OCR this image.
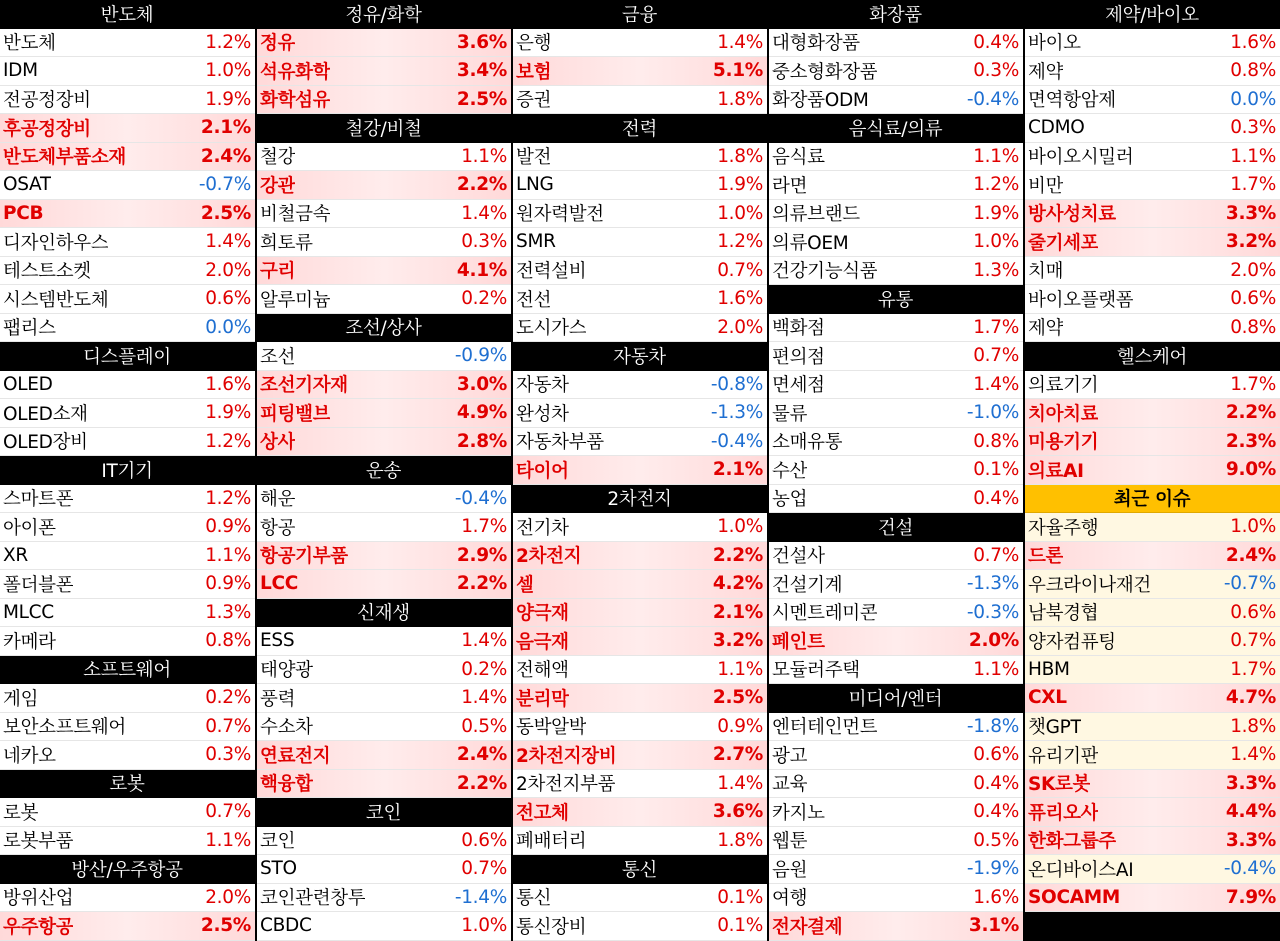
반도체
반도체	1.2%
IDM	1.0%
전공정장비	1.9%
후공정장비	2.1%
반도체부품소재	2.4%
OSAT	-0.7%
PCB	2.5%
디자인하우스	1.4%
테스트소켓	2.0%
시스템반도체	0.6%
팹리스	0.0%
디스플레이
OLED	1.6%
OLED소재	1.9%
OLED장비	1.2%
IT기기
스마트폰	1.2%
아이폰	0.9%
XR	1.1%
폴더블폰	0.9%
MLCC	1.3%
카메라	0.8%
소프트웨어
게임	0.2%
보안소프트웨어	0.7%
네카오	0.3%
로봇
로봇	0.7%
로봇부품	1.1%
방산/우주항공
방위산업	2.0%
우주항공	2.5%
정유/화학
정유	3.6%
석유화학	3.4%
화학섬유	2.5%
철강/비철
철강	1.1%
강관	2.2%
비철금속	1.4%
희토류	0.3%
구리	4.1%
알루미늄	0.2%
조선/상사
조선	-0.9%
조선기자재	3.0%
피팅밸브	4.9%
상사	2.8%
운송
해운	-0.4%
항공	1.7%
항공기부품	2.9%
LCC	2.2%
신재생
ESS	1.4%
태양광	0.2%
풍력	1.4%
수소차	0.5%
연료전지	2.4%
핵융합	2.2%
코인
코인	0.6%
STO	0.7%
코인관련창투	-1.4%
CBDC	1.0%
금융
은행	1.4%
보험	5.1%
증권	1.8%
전력
발전	1.8%
LNG	1.9%
원자력발전	1.0%
SMR	1.2%
전력설비	0.7%
전선	1.6%
도시가스	2.0%
자동차
자동차	-0.8%
완성차	-1.3%
자동차부품	-0.4%
타이어	2.1%
2차전지
전기차	1.0%
2차전지	2.2%
셀	4.2%
양극재	2.1%
음극재	3.2%
전해액	1.1%
분리막	2.5%
동박알박	0.9%
2차전지장비	2.7%
2차전지부품	1.4%
전고체	3.6%
폐배터리	1.8%
통신
통신	0.1%
통신장비	0.1%
화장품
대형화장품	0.4%
중소형화장품	0.3%
화장품ODM	-0.4%
음식료/의류
음식료	1.1%
라면	1.2%
의류브랜드	1.9%
의류OEM	1.0%
건강기능식품	1.3%
유통
백화점	1.7%
편의점	0.7%
면세점	1.4%
물류	-1.0%
소매유통	0.8%
수산	0.1%
농업	0.4%
건설
건설사	0.7%
건설기계	-1.3%
시멘트레미콘	-0.3%
페인트	2.0%
모듈러주택	1.1%
미디어/엔터
엔터테인먼트	-1.8%
광고	0.6%
교육	0.4%
카지노	0.4%
웹툰	0.5%
음원	-1.9%
여행	1.6%
전자결제	3.1%
제약/바이오
바이오	1.6%
제약	0.8%
면역항암제	0.0%
CDMO	0.3%
바이오시밀러	1.1%
비만	1.7%
방사성치료	3.3%
줄기세포	3.2%
치매	2.0%
바이오플랫폼	0.6%
제약	0.8%
헬스케어
의료기기	1.7%
치아치료	2.2%
미용기기	2.3%
의료AI	9.0%
최근 이슈
자율주행	1.0%
드론	2.4%
우크라이나재건	-0.7%
남북경협	0.6%
양자컴퓨팅	0.7%
HBM	1.7%
CXL	4.7%
챗GPT	1.8%
유리기판	1.4%
SK로봇	3.3%
퓨리오사	4.4%
한화그룹주	3.3%
온디바이스AI	-0.4%
SOCAMM	7.9%
